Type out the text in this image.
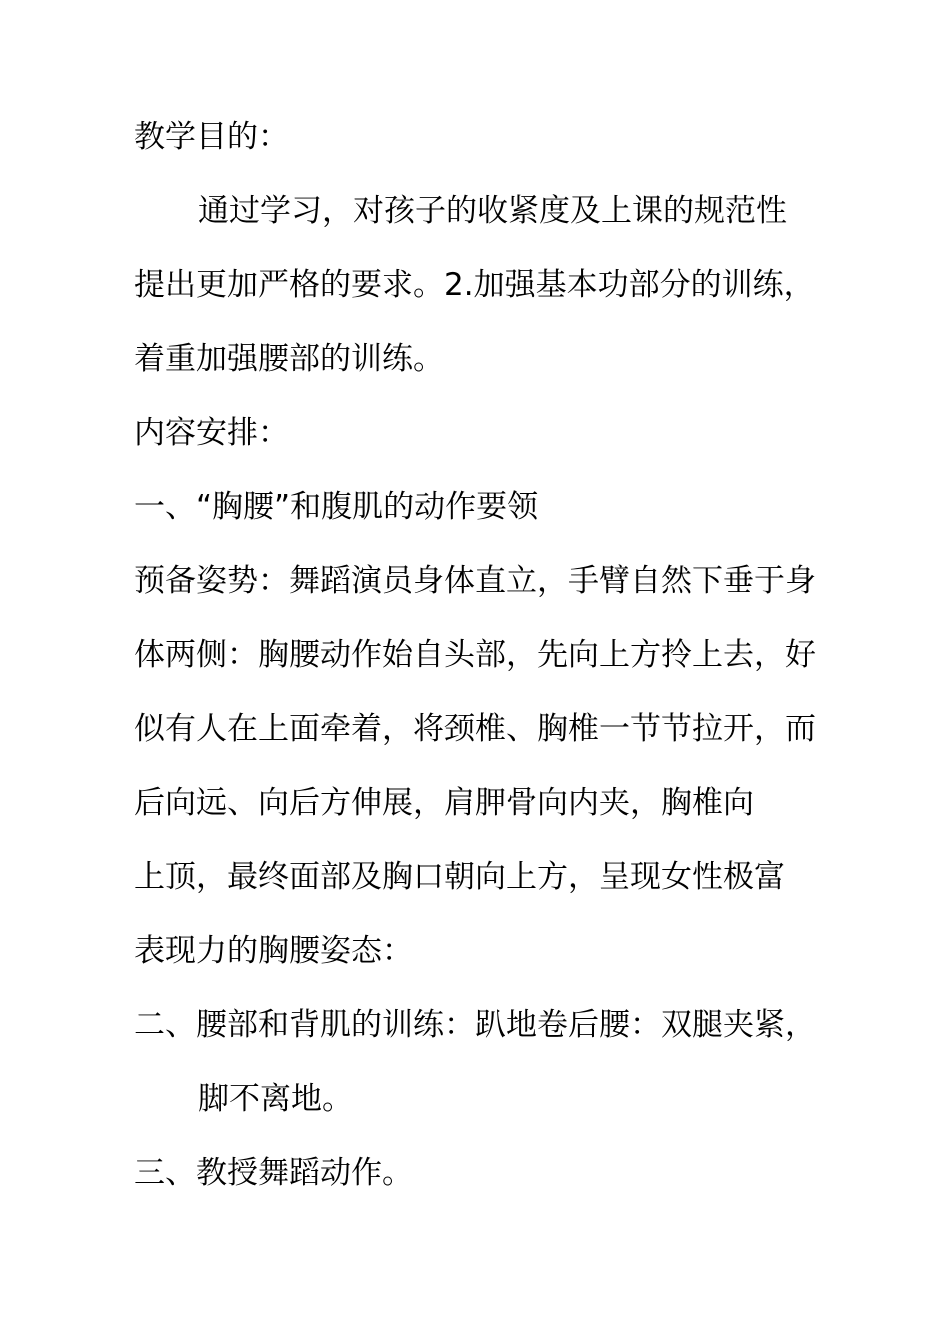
教学目的：
通过学习，对孩子的收紧度及上课的规范性
提出更加严格的要求。2.加强基本功部分的训练，
着重加强腰部的训练。
内容安排：
一、“胸腰”和腹肌的动作要领
预备姿势：舞蹈演员身体直立，手臂自然下垂于身
体两侧：胸腰动作始自头部，先向上方拎上去，好
似有人在上面牵着，将颈椎、胸椎一节节拉开，而
后向远、向后方伸展，肩胛骨向内夹，胸椎向
上顶，最终面部及胸口朝向上方，呈现女性极富
表现力的胸腰姿态：
二、腰部和背肌的训练：趴地卷后腰：双腿夹紧，
脚不离地。
三、教授舞蹈动作。
